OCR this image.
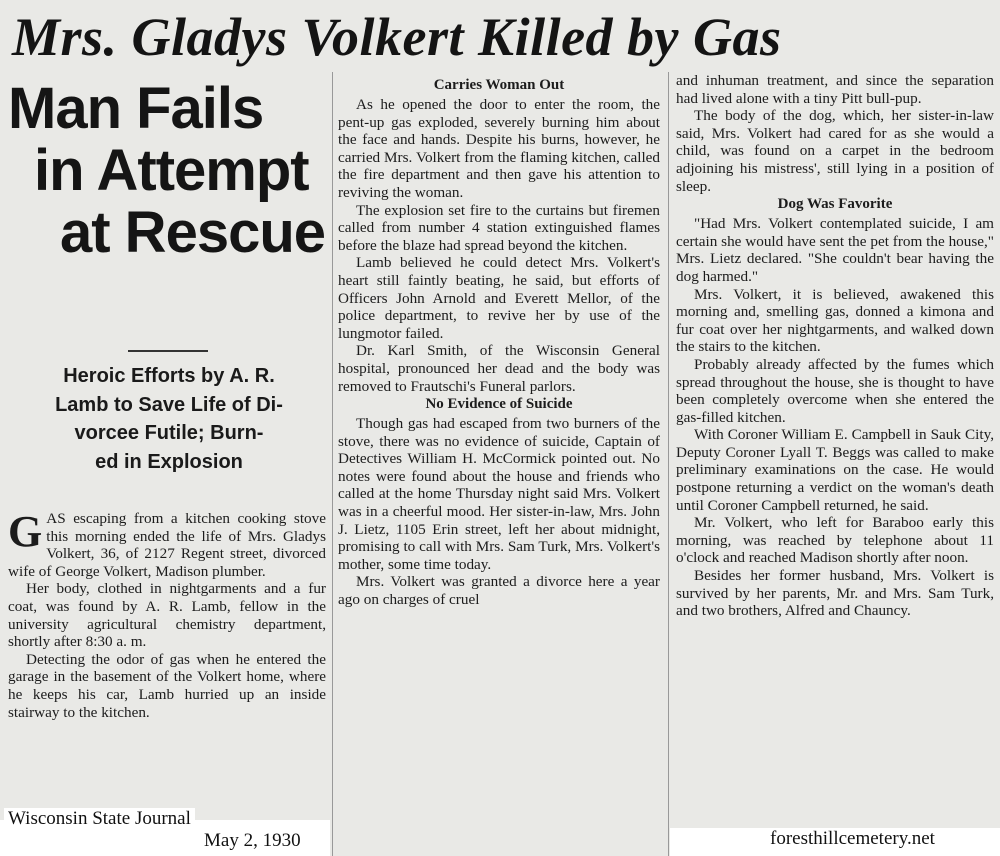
Mrs. Gladys Volkert Killed by Gas
Man Fails
in Attempt
at Rescue
Heroic Efforts by A. R.
Lamb to Save Life of Di-
vorcee Futile; Burn-
ed in Explosion

GAS escaping from a kitchen cooking stove this morning ended the life of Mrs. Gladys Volkert, 36, of 2127 Regent street, divorced wife of George Volkert, Madison plumber.

Her body, clothed in nightgarments and a fur coat, was found by A. R. Lamb, fellow in the university agricultural chemistry department, shortly after 8:30 a. m.

Detecting the odor of gas when he entered the garage in the basement of the Volkert home, where he keeps his car, Lamb hurried up an inside stairway to the kitchen.

Carries Woman Out

As he opened the door to enter the room, the pent-up gas exploded, severely burning him about the face and hands. Despite his burns, however, he carried Mrs. Volkert from the flaming kitchen, called the fire department and then gave his attention to reviving the woman.

The explosion set fire to the curtains but firemen called from number 4 station extinguished flames before the blaze had spread beyond the kitchen.

Lamb believed he could detect Mrs. Volkert's heart still faintly beating, he said, but efforts of Officers John Arnold and Everett Mellor, of the police department, to revive her by use of the lungmotor failed.

Dr. Karl Smith, of the Wisconsin General hospital, pronounced her dead and the body was removed to Frautschi's Funeral parlors.

No Evidence of Suicide

Though gas had escaped from two burners of the stove, there was no evidence of suicide, Captain of Detectives William H. McCormick pointed out. No notes were found about the house and friends who called at the home Thursday night said Mrs. Volkert was in a cheerful mood. Her sister-in-law, Mrs. John J. Lietz, 1105 Erin street, left her about midnight, promising to call with Mrs. Sam Turk, Mrs. Volkert's mother, some time today.

Mrs. Volkert was granted a divorce here a year ago on charges of cruel

and inhuman treatment, and since the separation had lived alone with a tiny Pitt bull-pup.

The body of the dog, which, her sister-in-law said, Mrs. Volkert had cared for as she would a child, was found on a carpet in the bedroom adjoining his mistress', still lying in a position of sleep.

Dog Was Favorite

"Had Mrs. Volkert contemplated suicide, I am certain she would have sent the pet from the house," Mrs. Lietz declared. "She couldn't bear having the dog harmed."

Mrs. Volkert, it is believed, awakened this morning and, smelling gas, donned a kimona and fur coat over her nightgarments, and walked down the stairs to the kitchen.

Probably already affected by the fumes which spread throughout the house, she is thought to have been completely overcome when she entered the gas-filled kitchen.

With Coroner William E. Campbell in Sauk City, Deputy Coroner Lyall T. Beggs was called to make preliminary examinations on the case. He would postpone returning a verdict on the woman's death until Coroner Campbell returned, he said.

Mr. Volkert, who left for Baraboo early this morning, was reached by telephone about 11 o'clock and reached Madison shortly after noon.

Besides her former husband, Mrs. Volkert is survived by her parents, Mr. and Mrs. Sam Turk, and two brothers, Alfred and Chauncy.

Wisconsin State Journal
May 2, 1930	foresthillcemetery.net
